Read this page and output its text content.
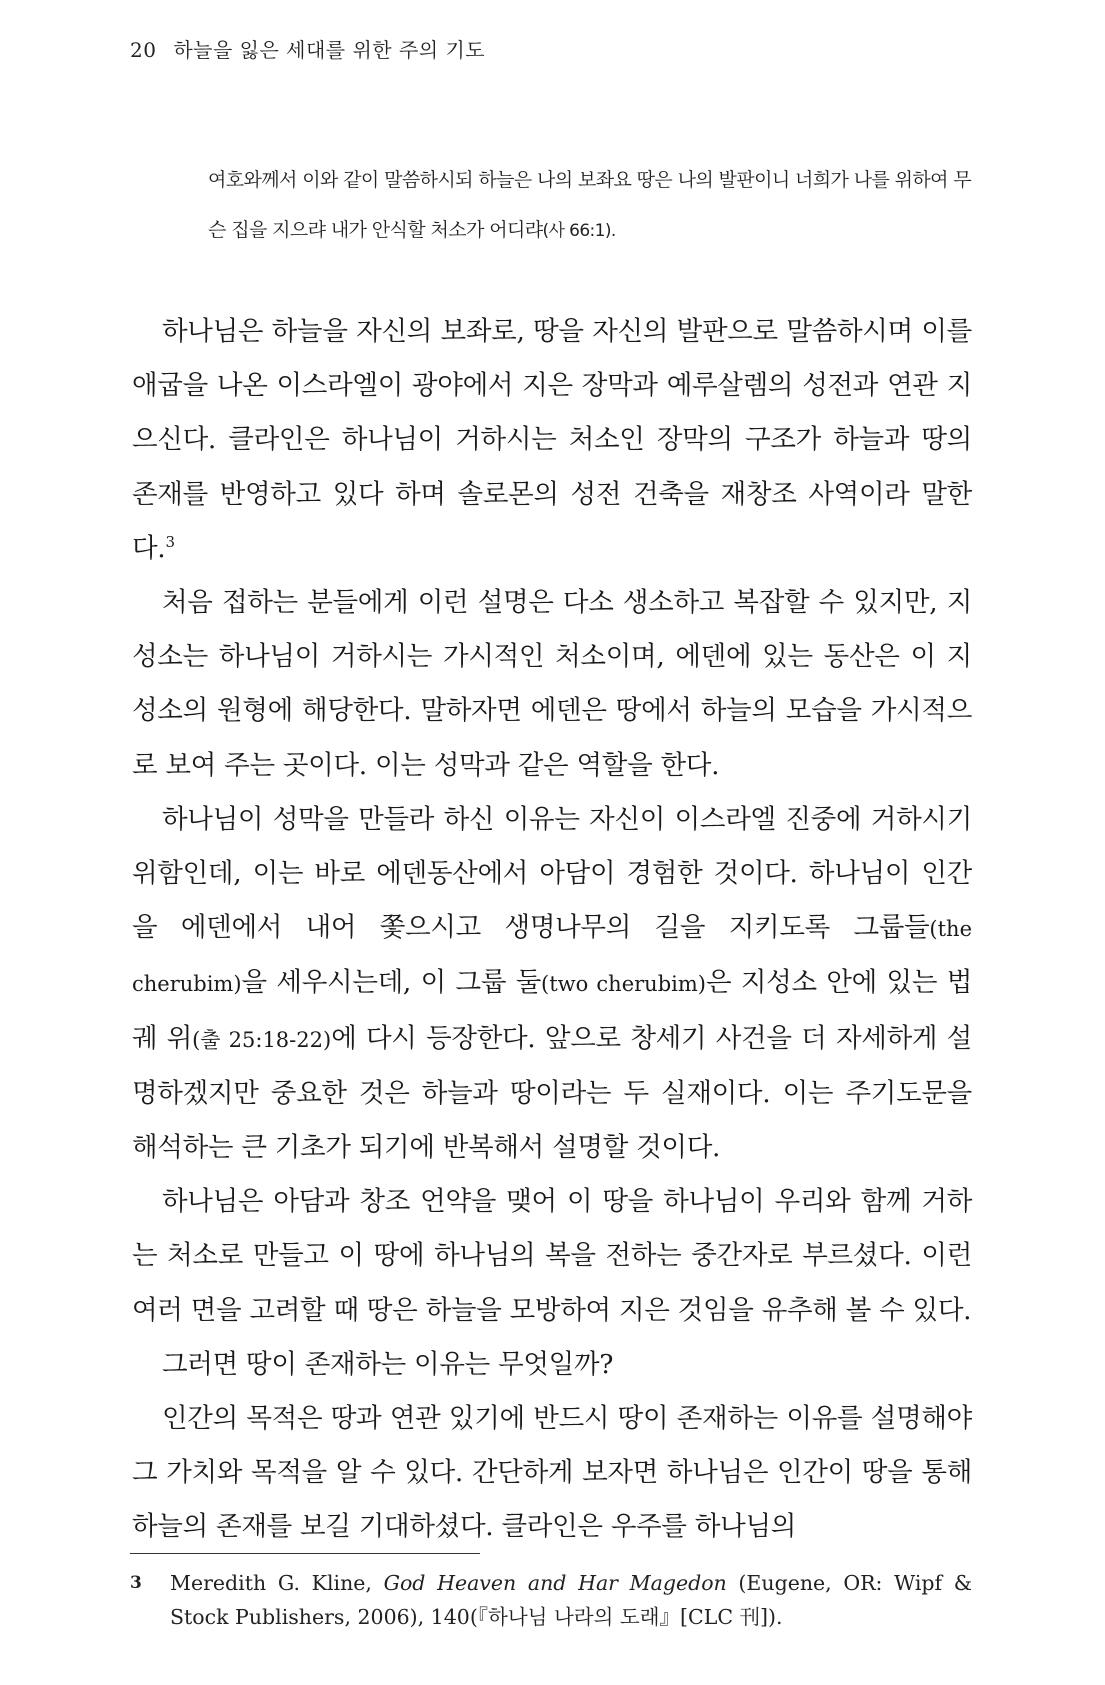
20 하늘을 잃은 세대를 위한 주의 기도
여호와께서 이와 같이 말씀하시되 하늘은 나의 보좌요 땅은 나의 발판이니 너희가 나를 위하여 무슨 집을 지으랴 내가 안식할 처소가 어디랴(사 66:1).

하나님은 하늘을 자신의 보좌로, 땅을 자신의 발판으로 말씀하시며 이를 애굽을 나온 이스라엘이 광야에서 지은 장막과 예루살렘의 성전과 연관 지으신다. 클라인은 하나님이 거하시는 처소인 장막의 구조가 하늘과 땅의 존재를 반영하고 있다 하며 솔로몬의 성전 건축을 재창조 사역이라 말한다.$^3$

처음 접하는 분들에게 이런 설명은 다소 생소하고 복잡할 수 있지만, 지성소는 하나님이 거하시는 가시적인 처소이며, 에덴에 있는 동산은 이 지성소의 원형에 해당한다. 말하자면 에덴은 땅에서 하늘의 모습을 가시적으로 보여 주는 곳이다. 이는 성막과 같은 역할을 한다.

하나님이 성막을 만들라 하신 이유는 자신이 이스라엘 진중에 거하시기 위함인데, 이는 바로 에덴동산에서 아담이 경험한 것이다. 하나님이 인간을 에덴에서 내어 쫓으시고 생명나무의 길을 지키도록 그룹들(the cherubim)을 세우시는데, 이 그룹 둘(two cherubim)은 지성소 안에 있는 법궤 위(출 25:18-22)에 다시 등장한다. 앞으로 창세기 사건을 더 자세하게 설명하겠지만 중요한 것은 하늘과 땅이라는 두 실재이다. 이는 주기도문을 해석하는 큰 기초가 되기에 반복해서 설명할 것이다.

하나님은 아담과 창조 언약을 맺어 이 땅을 하나님이 우리와 함께 거하는 처소로 만들고 이 땅에 하나님의 복을 전하는 중간자로 부르셨다. 이런 여러 면을 고려할 때 땅은 하늘을 모방하여 지은 것임을 유추해 볼 수 있다.

그러면 땅이 존재하는 이유는 무엇일까?

인간의 목적은 땅과 연관 있기에 반드시 땅이 존재하는 이유를 설명해야 그 가치와 목적을 알 수 있다. 간단하게 보자면 하나님은 인간이 땅을 통해 하늘의 존재를 보길 기대하셨다. 클라인은 우주를 하나님의

3 Meredith G. Kline, God Heaven and Har Magedon (Eugene, OR: Wipf & Stock Publishers, 2006), 140(『하나님 나라의 도래』[CLC 刊]).
